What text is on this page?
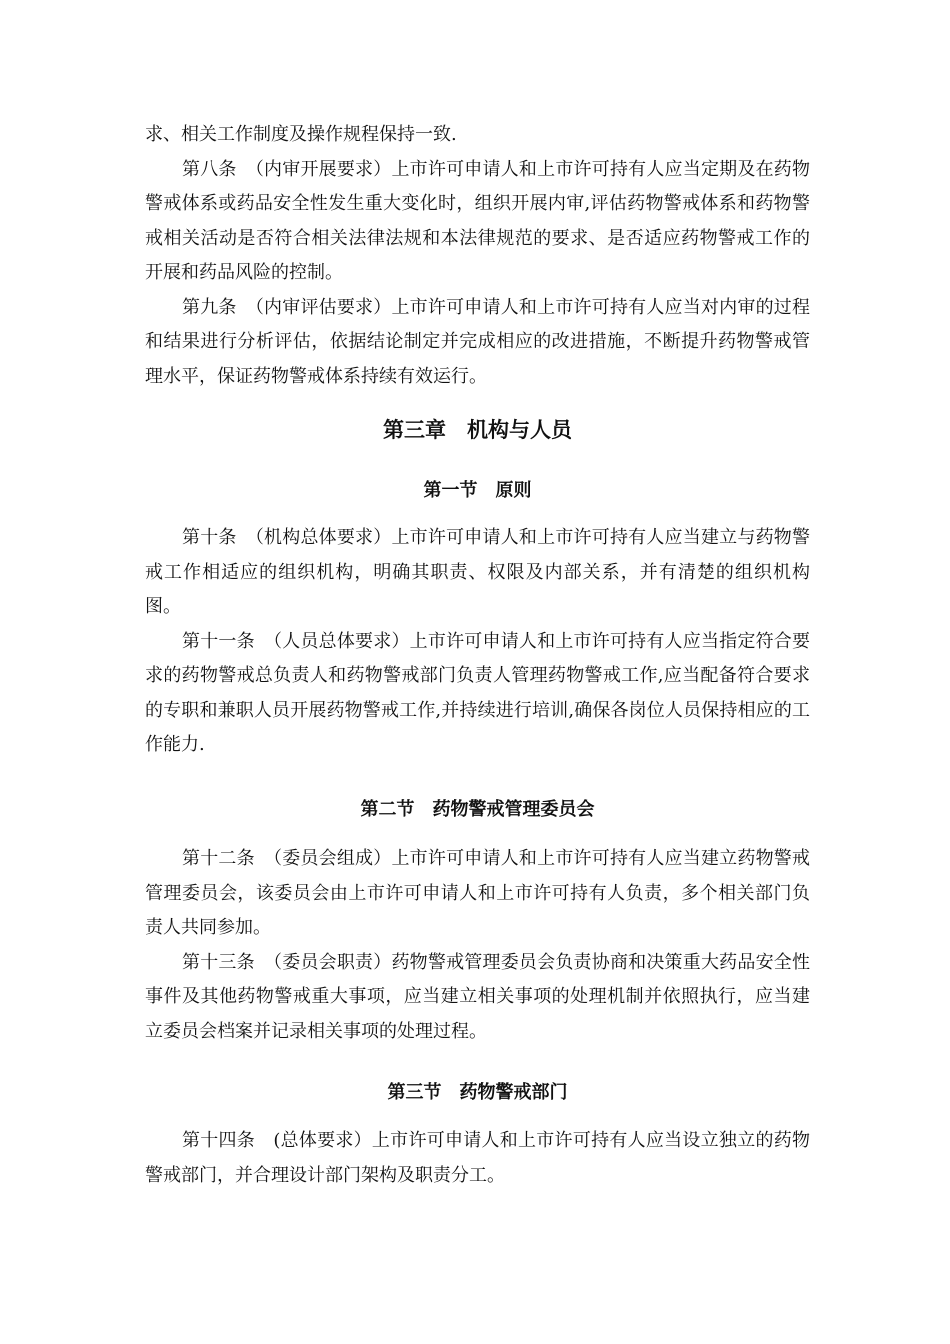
求、相关工作制度及操作规程保持一致.

第八条　（内审开展要求）上市许可申请人和上市许可持有人应当定期及在药物警戒体系或药品安全性发生重大变化时，组织开展内审,评估药物警戒体系和药物警戒相关活动是否符合相关法律法规和本法律规范的要求、是否适应药物警戒工作的开展和药品风险的控制。

第九条　（内审评估要求）上市许可申请人和上市许可持有人应当对内审的过程和结果进行分析评估，依据结论制定并完成相应的改进措施，不断提升药物警戒管理水平，保证药物警戒体系持续有效运行。

第三章　机构与人员
第一节　原则

第十条　（机构总体要求）上市许可申请人和上市许可持有人应当建立与药物警戒工作相适应的组织机构，明确其职责、权限及内部关系，并有清楚的组织机构图。

第十一条　（人员总体要求）上市许可申请人和上市许可持有人应当指定符合要求的药物警戒总负责人和药物警戒部门负责人管理药物警戒工作,应当配备符合要求的专职和兼职人员开展药物警戒工作,并持续进行培训,确保各岗位人员保持相应的工作能力.

第二节　药物警戒管理委员会

第十二条　（委员会组成）上市许可申请人和上市许可持有人应当建立药物警戒管理委员会，该委员会由上市许可申请人和上市许可持有人负责，多个相关部门负责人共同参加。

第十三条　（委员会职责）药物警戒管理委员会负责协商和决策重大药品安全性事件及其他药物警戒重大事项，应当建立相关事项的处理机制并依照执行，应当建立委员会档案并记录相关事项的处理过程。

第三节　药物警戒部门

第十四条　(总体要求）上市许可申请人和上市许可持有人应当设立独立的药物警戒部门，并合理设计部门架构及职责分工。
